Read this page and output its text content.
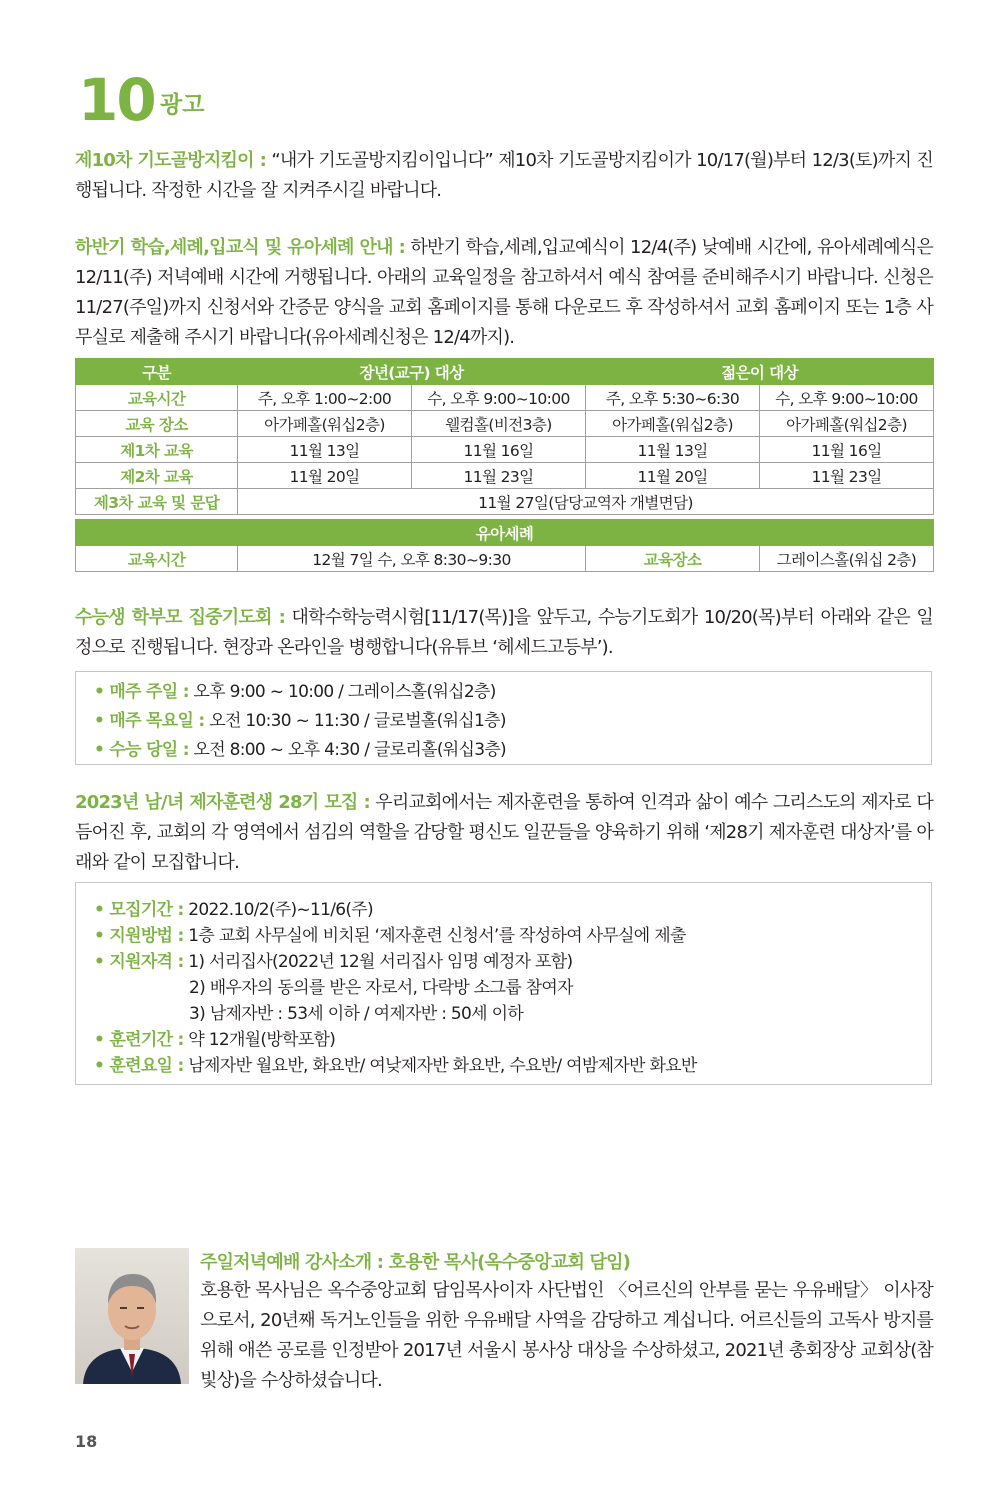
10 광고

제10차 기도골방지킴이 : “내가 기도골방지킴이입니다” 제10차 기도골방지킴이가 10/17(월)부터 12/3(토)까지 진행됩니다. 작정한 시간을 잘 지켜주시길 바랍니다.

하반기 학습,세례,입교식 및 유아세례 안내 : 하반기 학습,세례,입교예식이 12/4(주) 낮예배 시간에, 유아세례예식은 12/11(주) 저녁예배 시간에 거행됩니다. 아래의 교육일정을 참고하셔서 예식 참여를 준비해주시기 바랍니다. 신청은 11/27(주일)까지 신청서와 간증문 양식을 교회 홈페이지를 통해 다운로드 후 작성하셔서 교회 홈페이지 또는 1층 사무실로 제출해 주시기 바랍니다(유아세례신청은 12/4까지).

구분	장년(교구) 대상		젊은이 대상	
교육시간	주, 오후 1:00~2:00	수, 오후 9:00~10:00	주, 오후 5:30~6:30	수, 오후 9:00~10:00
교육 장소	아가페홀(워십2층)	웰컴홀(비전3층)	아가페홀(워십2층)	아가페홀(워십2층)
제1차 교육	11월 13일	11월 16일	11월 13일	11월 16일
제2차 교육	11월 20일	11월 23일	11월 20일	11월 23일
제3차 교육 및 문답	11월 27일(담당교역자 개별면담)			

유아세례				
교육시간	12월 7일 수, 오후 8:30~9:30		교육장소	그레이스홀(워십 2층)

수능생 학부모 집중기도회 : 대학수학능력시험[11/17(목)]을 앞두고, 수능기도회가 10/20(목)부터 아래와 같은 일정으로 진행됩니다. 현장과 온라인을 병행합니다(유튜브 ‘헤세드고등부’).

• 매주 주일 : 오후 9:00 ~ 10:00 / 그레이스홀(워십2층)
• 매주 목요일 : 오전 10:30 ~ 11:30 / 글로벌홀(워십1층)
• 수능 당일 : 오전 8:00 ~ 오후 4:30 / 글로리홀(워십3층)

2023년 남/녀 제자훈련생 28기 모집 : 우리교회에서는 제자훈련을 통하여 인격과 삶이 예수 그리스도의 제자로 다듬어진 후, 교회의 각 영역에서 섬김의 역할을 감당할 평신도 일꾼들을 양육하기 위해 ‘제28기 제자훈련 대상자’를 아래와 같이 모집합니다.

• 모집기간 : 2022.10/2(주)~11/6(주)
• 지원방법 : 1층 교회 사무실에 비치된 ‘제자훈련 신청서’를 작성하여 사무실에 제출
• 지원자격 : 1) 서리집사(2022년 12월 서리집사 임명 예정자 포함)
2) 배우자의 동의를 받은 자로서, 다락방 소그룹 참여자
3) 남제자반 : 53세 이하 / 여제자반 : 50세 이하
• 훈련기간 : 약 12개월(방학포함)
• 훈련요일 : 남제자반 월요반, 화요반/ 여낮제자반 화요반, 수요반/ 여밤제자반 화요반
주일저녁예배 강사소개 : 호용한 목사(옥수중앙교회 담임)

호용한 목사님은 옥수중앙교회 담임목사이자 사단법인 〈어르신의 안부를 묻는 우유배달〉 이사장으로서, 20년째 독거노인들을 위한 우유배달 사역을 감당하고 계십니다. 어르신들의 고독사 방지를 위해 애쓴 공로를 인정받아 2017년 서울시 봉사상 대상을 수상하셨고, 2021년 총회장상 교회상(참빛상)을 수상하셨습니다.

18
